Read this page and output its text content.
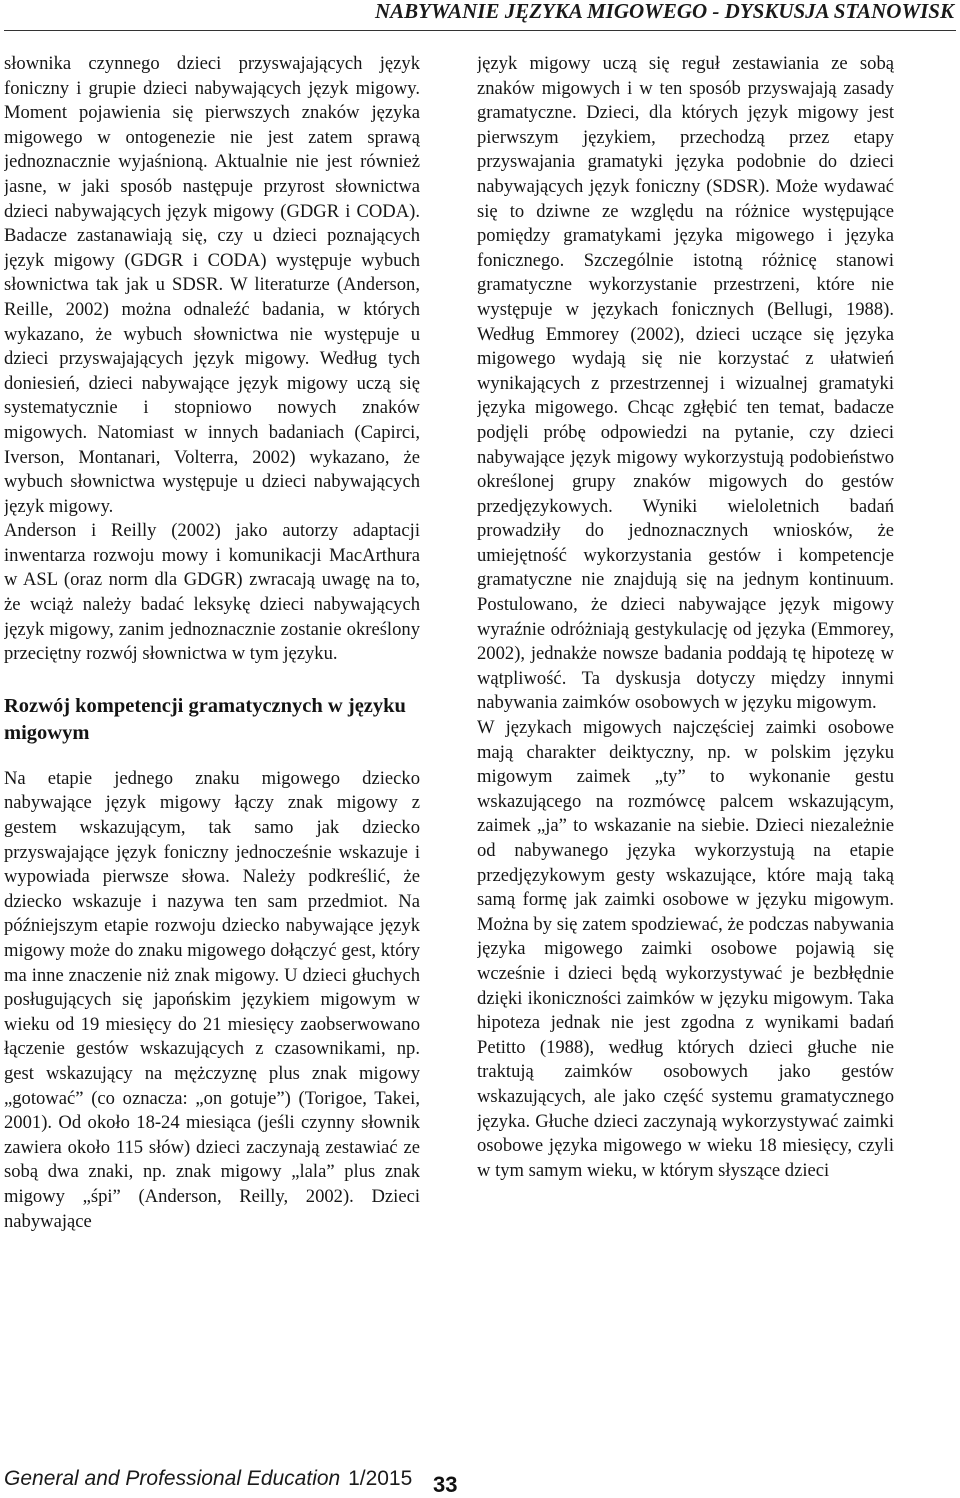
NABYWANIE JĘZYKA MIGOWEGO - DYSKUSJA STANOWISK

słownika czynnego dzieci przyswajających język foniczny i grupie dzieci nabywających język migowy. Moment pojawienia się pierwszych znaków języka migowego w ontogenezie nie jest zatem sprawą jednoznacznie wyjaśnioną. Aktualnie nie jest również jasne, w jaki sposób następuje przyrost słownictwa dzieci nabywających język migowy (GDGR i CODA). Badacze zastanawiają się, czy u dzieci poznających język migowy (GDGR i CODA) występuje wybuch słownictwa tak jak u SDSR. W literaturze (Anderson, Reille, 2002) można odnaleźć badania, w których wykazano, że wybuch słownictwa nie występuje u dzieci przyswajających język migowy. Według tych doniesień, dzieci nabywające język migowy uczą się systematycznie i stopniowo nowych znaków migowych. Natomiast w innych badaniach (Capirci, Iverson, Montanari, Volterra, 2002) wykazano, że wybuch słownictwa występuje u dzieci nabywających język migowy.

Anderson i Reilly (2002) jako autorzy adaptacji inwentarza rozwoju mowy i komunikacji MacArthura w ASL (oraz norm dla GDGR) zwracają uwagę na to, że wciąż należy badać leksykę dzieci nabywających język migowy, zanim jednoznacznie zostanie określony przeciętny rozwój słownictwa w tym języku.

Rozwój kompetencji gramatycznych w języku migowym

Na etapie jednego znaku migowego dziecko nabywające język migowy łączy znak migowy z gestem wskazującym, tak samo jak dziecko przyswajające język foniczny jednocześnie wskazuje i wypowiada pierwsze słowa. Należy podkreślić, że dziecko wskazuje i nazywa ten sam przedmiot. Na późniejszym etapie rozwoju dziecko nabywające język migowy może do znaku migowego dołączyć gest, który ma inne znaczenie niż znak migowy. U dzieci głuchych posługujących się japońskim językiem migowym w wieku od 19 miesięcy do 21 miesięcy zaobserwowano łączenie gestów wskazujących z czasownikami, np. gest wskazujący na mężczyznę plus znak migowy „gotować” (co oznacza: „on gotuje”) (Torigoe, Takei, 2001). Od około 18-24 miesiąca (jeśli czynny słownik zawiera około 115 słów) dzieci zaczynają zestawiać ze sobą dwa znaki, np. znak migowy „lala” plus znak migowy „śpi” (Anderson, Reilly, 2002). Dzieci nabywające

język migowy uczą się reguł zestawiania ze sobą znaków migowych i w ten sposób przyswajają zasady gramatyczne. Dzieci, dla których język migowy jest pierwszym językiem, przechodzą przez etapy przyswajania gramatyki języka podobnie do dzieci nabywających język foniczny (SDSR). Może wydawać się to dziwne ze względu na różnice występujące pomiędzy gramatykami języka migowego i języka fonicznego. Szczególnie istotną różnicę stanowi gramatyczne wykorzystanie przestrzeni, które nie występuje w językach fonicznych (Bellugi, 1988). Według Emmorey (2002), dzieci uczące się języka migowego wydają się nie korzystać z ułatwień wynikających z przestrzennej i wizualnej gramatyki języka migowego. Chcąc zgłębić ten temat, badacze podjęli próbę odpowiedzi na pytanie, czy dzieci nabywające język migowy wykorzystują podobieństwo określonej grupy znaków migowych do gestów przedjęzykowych. Wyniki wieloletnich badań prowadziły do jednoznacznych wniosków, że umiejętność wykorzystania gestów i kompetencje gramatyczne nie znajdują się na jednym kontinuum. Postulowano, że dzieci nabywające język migowy wyraźnie odróżniają gestykulację od języka (Emmorey, 2002), jednakże nowsze badania poddają tę hipotezę w wątpliwość. Ta dyskusja dotyczy między innymi nabywania zaimków osobowych w języku migowym.

W językach migowych najczęściej zaimki osobowe mają charakter deiktyczny, np. w polskim języku migowym zaimek „ty” to wykonanie gestu wskazującego na rozmówcę palcem wskazującym, zaimek „ja” to wskazanie na siebie. Dzieci niezależnie od nabywanego języka wykorzystują na etapie przedjęzykowym gesty wskazujące, które mają taką samą formę jak zaimki osobowe w języku migowym. Można by się zatem spodziewać, że podczas nabywania języka migowego zaimki osobowe pojawią się wcześnie i dzieci będą wykorzystywać je bezbłędnie dzięki ikoniczności zaimków w języku migowym. Taka hipoteza jednak nie jest zgodna z wynikami badań Petitto (1988), według których dzieci głuche nie traktują zaimków osobowych jako gestów wskazujących, ale jako część systemu gramatycznego języka. Głuche dzieci zaczynają wykorzystywać zaimki osobowe języka migowego w wieku 18 miesięcy, czyli w tym samym wieku, w którym słyszące dzieci

General and Professional Education 1/2015 33
